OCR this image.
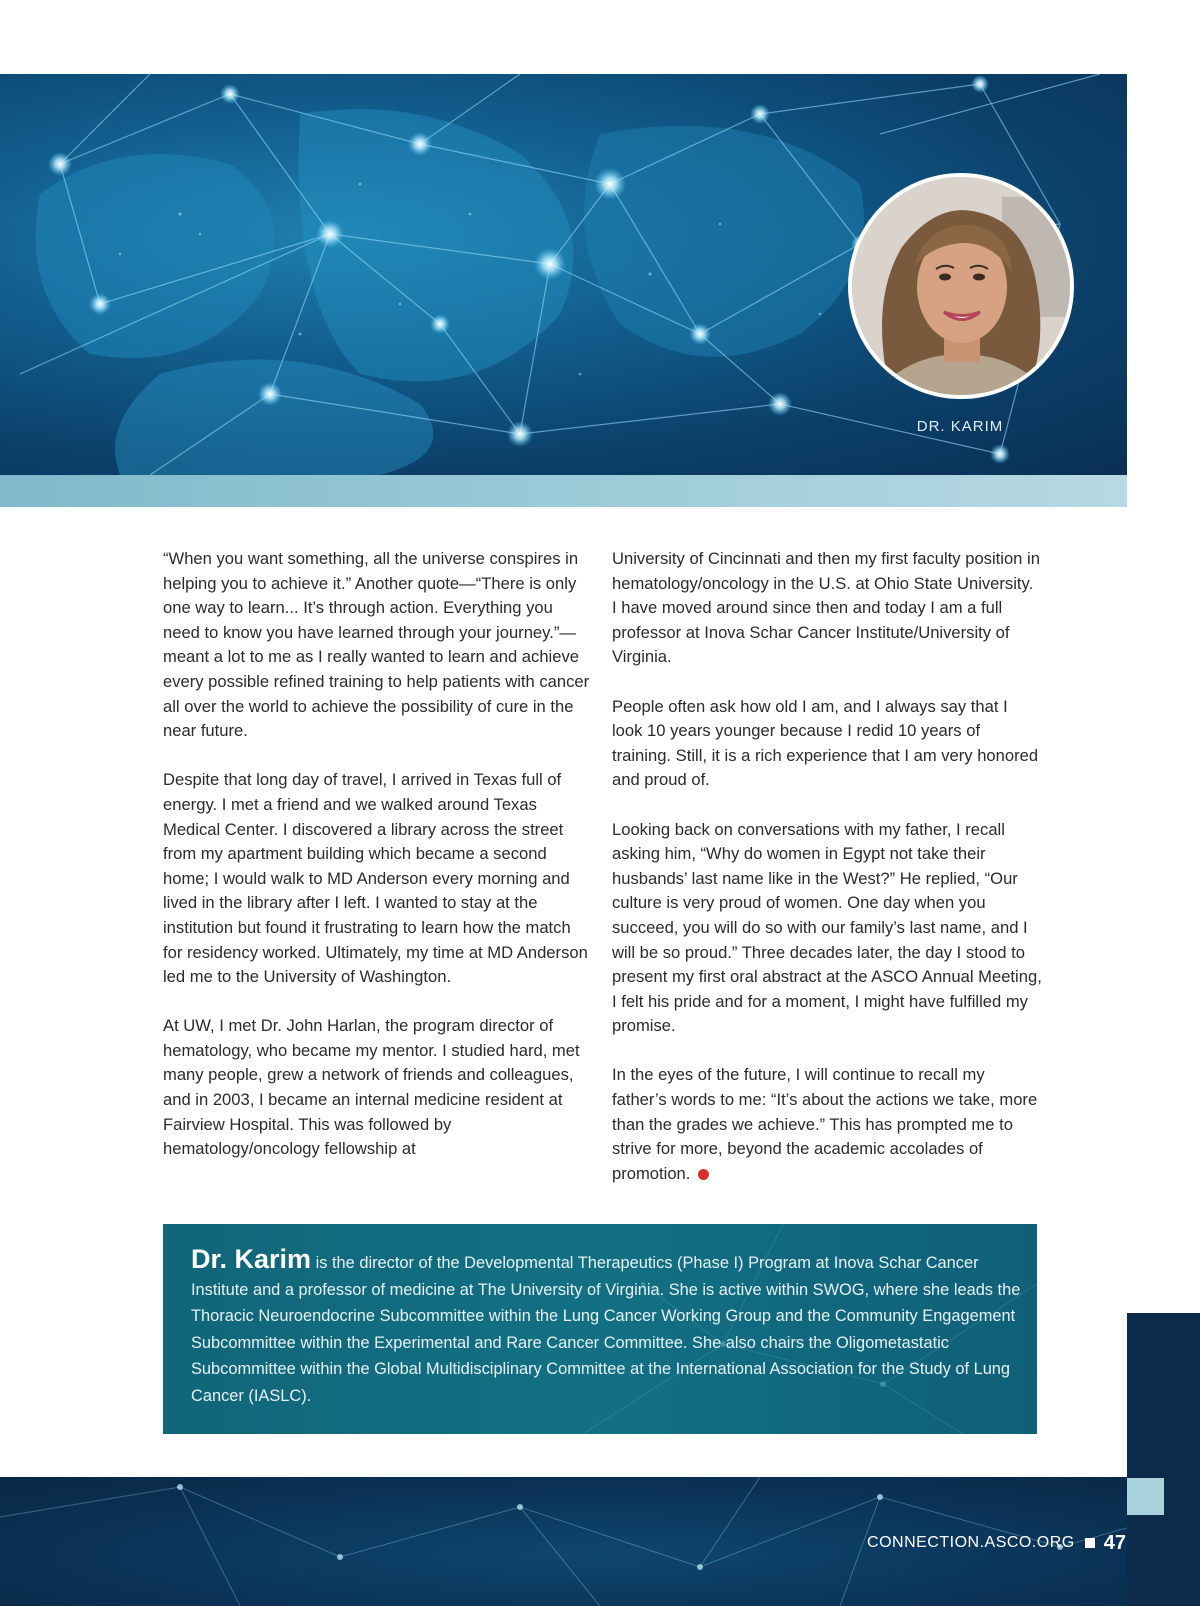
DR. KARIM

“When you want something, all the universe conspires in helping you to achieve it.” Another quote—“There is only one way to learn... It’s through action. Everything you need to know you have learned through your journey.”—meant a lot to me as I really wanted to learn and achieve every possible refined training to help patients with cancer all over the world to achieve the possibility of cure in the near future.

Despite that long day of travel, I arrived in Texas full of energy. I met a friend and we walked around Texas Medical Center. I discovered a library across the street from my apartment building which became a second home; I would walk to MD Anderson every morning and lived in the library after I left. I wanted to stay at the institution but found it frustrating to learn how the match for residency worked. Ultimately, my time at MD Anderson led me to the University of Washington.

At UW, I met Dr. John Harlan, the program director of hematology, who became my mentor. I studied hard, met many people, grew a network of friends and colleagues, and in 2003, I became an internal medicine resident at Fairview Hospital. This was followed by hematology/oncology fellowship at

University of Cincinnati and then my first faculty position in hematology/oncology in the U.S. at Ohio State University. I have moved around since then and today I am a full professor at Inova Schar Cancer Institute/University of Virginia.

People often ask how old I am, and I always say that I look 10 years younger because I redid 10 years of training. Still, it is a rich experience that I am very honored and proud of.

Looking back on conversations with my father, I recall asking him, “Why do women in Egypt not take their husbands’ last name like in the West?” He replied, “Our culture is very proud of women. One day when you succeed, you will do so with our family’s last name, and I will be so proud.” Three decades later, the day I stood to present my first oral abstract at the ASCO Annual Meeting, I felt his pride and for a moment, I might have fulfilled my promise.

In the eyes of the future, I will continue to recall my father’s words to me: “It’s about the actions we take, more than the grades we achieve.” This has prompted me to strive for more, beyond the academic accolades of promotion.

Dr. Karim is the director of the Developmental Therapeutics (Phase I) Program at Inova Schar Cancer Institute and a professor of medicine at The University of Virginia. She is active within SWOG, where she leads the Thoracic Neuroendocrine Subcommittee within the Lung Cancer Working Group and the Community Engagement Subcommittee within the Experimental and Rare Cancer Committee. She also chairs the Oligometastatic Subcommittee within the Global Multidisciplinary Committee at the International Association for the Study of Lung Cancer (IASLC).
CONNECTION.ASCO.ORG 47
